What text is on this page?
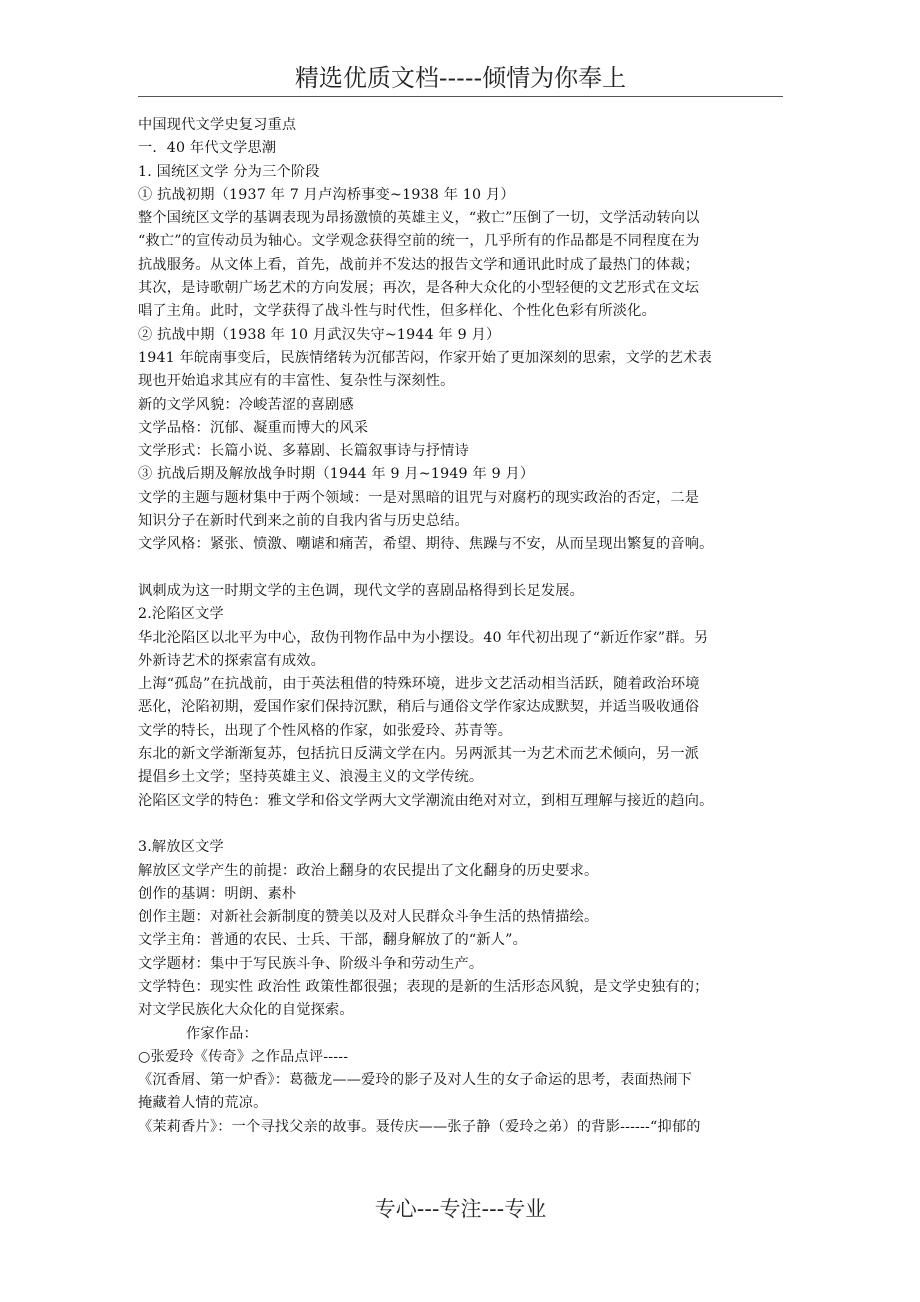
精选优质文档-----倾情为你奉上

中国现代文学史复习重点

一．40 年代文学思潮

1. 国统区文学 分为三个阶段

① 抗战初期（1937 年 7 月卢沟桥事变~1938 年 10 月）

整个国统区文学的基调表现为昂扬激愤的英雄主义，“救亡”压倒了一切，文学活动转向以

“救亡”的宣传动员为轴心。文学观念获得空前的统一，几乎所有的作品都是不同程度在为

抗战服务。从文体上看，首先，战前并不发达的报告文学和通讯此时成了最热门的体裁；

其次，是诗歌朝广场艺术的方向发展；再次，是各种大众化的小型轻便的文艺形式在文坛

唱了主角。此时，文学获得了战斗性与时代性，但多样化、个性化色彩有所淡化。

② 抗战中期（1938 年 10 月武汉失守~1944 年 9 月）

1941 年皖南事变后，民族情绪转为沉郁苦闷，作家开始了更加深刻的思索，文学的艺术表

现也开始追求其应有的丰富性、复杂性与深刻性。

新的文学风貌：冷峻苦涩的喜剧感

文学品格：沉郁、凝重而博大的风采

文学形式：长篇小说、多幕剧、长篇叙事诗与抒情诗

③ 抗战后期及解放战争时期（1944 年 9 月~1949 年 9 月）

文学的主题与题材集中于两个领域：一是对黑暗的诅咒与对腐朽的现实政治的否定，二是

知识分子在新时代到来之前的自我内省与历史总结。

文学风格：紧张、愤激、嘲谑和痛苦，希望、期待、焦躁与不安，从而呈现出繁复的音响。

讽刺成为这一时期文学的主色调，现代文学的喜剧品格得到长足发展。

2.沦陷区文学

华北沦陷区以北平为中心，敌伪刊物作品中为小摆设。40 年代初出现了“新近作家”群。另

外新诗艺术的探索富有成效。

上海“孤岛”在抗战前，由于英法租借的特殊环境，进步文艺活动相当活跃，随着政治环境

恶化，沦陷初期，爱国作家们保持沉默，稍后与通俗文学作家达成默契，并适当吸收通俗

文学的特长，出现了个性风格的作家，如张爱玲、苏青等。

东北的新文学渐渐复苏，包括抗日反满文学在内。另两派其一为艺术而艺术倾向，另一派

提倡乡土文学；坚持英雄主义、浪漫主义的文学传统。

沦陷区文学的特色：雅文学和俗文学两大文学潮流由绝对对立，到相互理解与接近的趋向。

3.解放区文学

解放区文学产生的前提：政治上翻身的农民提出了文化翻身的历史要求。

创作的基调：明朗、素朴

创作主题：对新社会新制度的赞美以及对人民群众斗争生活的热情描绘。

文学主角：普通的农民、士兵、干部，翻身解放了的“新人”。

文学题材：集中于写民族斗争、阶级斗争和劳动生产。

文学特色：现实性 政治性 政策性都很强；表现的是新的生活形态风貌，是文学史独有的；

对文学民族化大众化的自觉探索。

作家作品：

○张爱玲《传奇》之作品点评-----

《沉香屑、第一炉香》：葛薇龙——爱玲的影子及对人生的女子命运的思考，表面热闹下

掩藏着人情的荒凉。

《茉莉香片》：一个寻找父亲的故事。聂传庆——张子静（爱玲之弟）的背影------“抑郁的

专心---专注---专业
